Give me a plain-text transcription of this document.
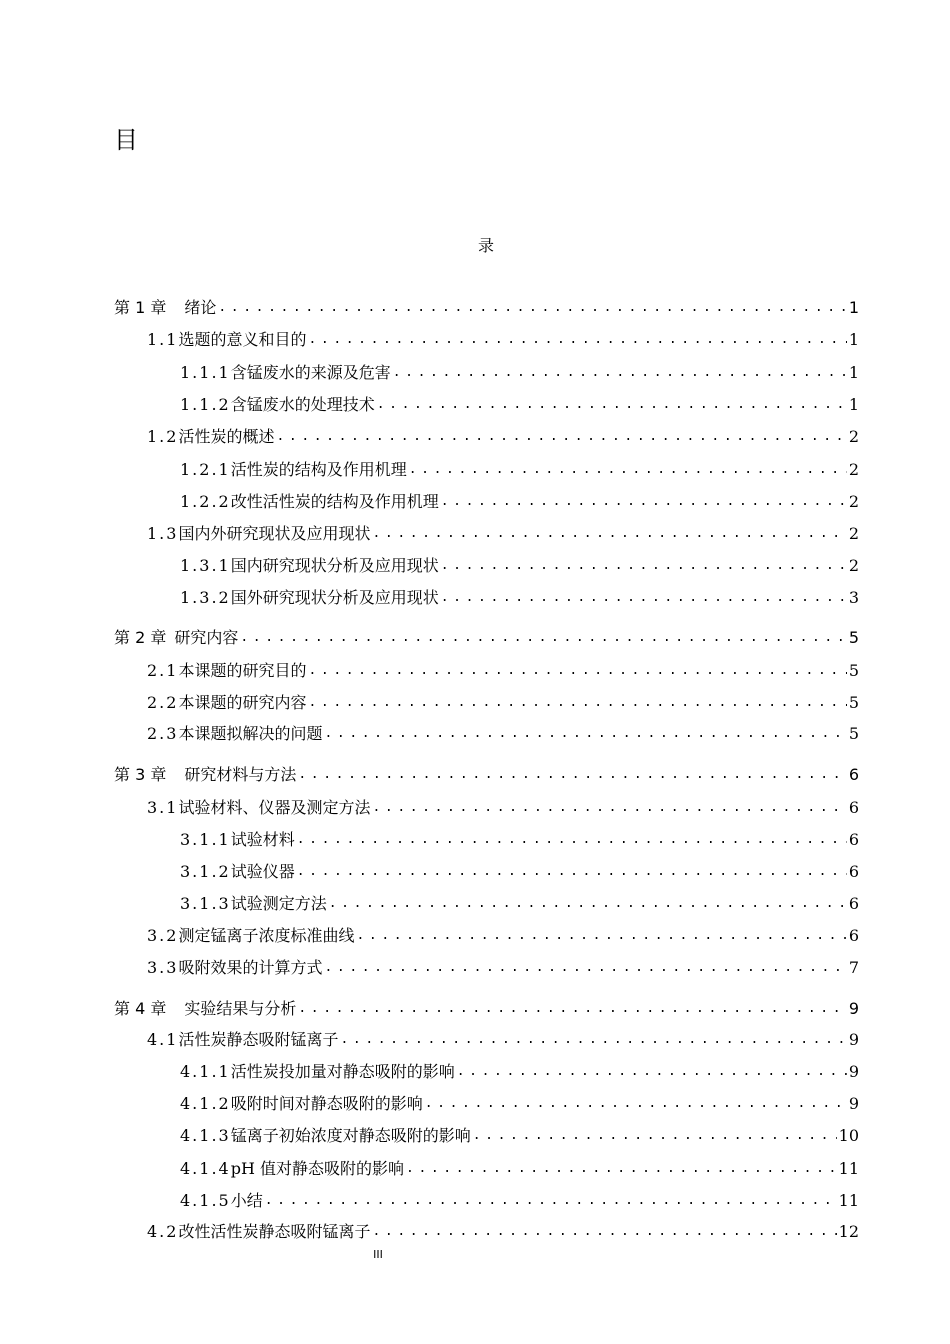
目
录
第 1 章 绪论 .....	1
1.1 选题的意义和目的 .....	1
1.1.1 含锰废水的来源及危害 .....	1
1.1.2 含锰废水的处理技术 .....	1
1.2 活性炭的概述 .....	2
1.2.1 活性炭的结构及作用机理 .....	2
1.2.2 改性活性炭的结构及作用机理 .....	2
1.3 国内外研究现状及应用现状 .....	2
1.3.1 国内研究现状分析及应用现状 .....	2
1.3.2 国外研究现状分析及应用现状 .....	3
第 2 章 研究内容 .....	5
2.1 本课题的研究目的 .....	5
2.2 本课题的研究内容 .....	5
2.3 本课题拟解决的问题 .....	5
第 3 章 研究材料与方法 .....	6
3.1 试验材料、仪器及测定方法 .....	6
3.1.1 试验材料 .....	6
3.1.2 试验仪器 .....	6
3.1.3 试验测定方法 .....	6
3.2 测定锰离子浓度标准曲线 .....	6
3.3 吸附效果的计算方式 .....	7
第 4 章 实验结果与分析 .....	9
4.1 活性炭静态吸附锰离子 .....	9
4.1.1 活性炭投加量对静态吸附的影响 .....	9
4.1.2 吸附时间对静态吸附的影响 .....	9
4.1.3 锰离子初始浓度对静态吸附的影响 .....	10
4.1.4 pH 值对静态吸附的影响 .....	11
4.1.5 小结 .....	11
4.2 改性活性炭静态吸附锰离子 .....	12
III
